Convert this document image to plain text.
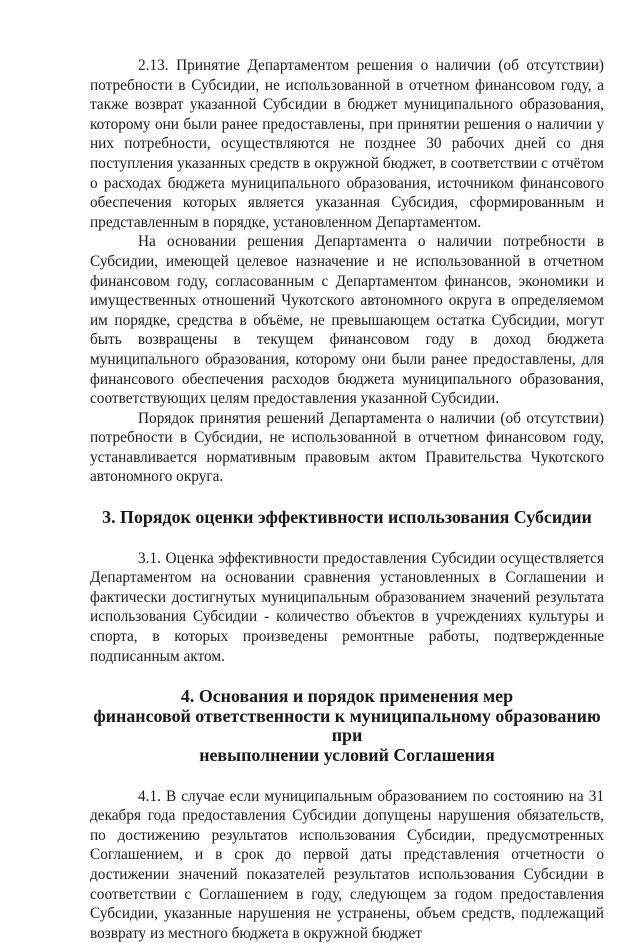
2.13. Принятие Департаментом решения о наличии (об отсутствии) потребности в Субсидии, не использованной в отчетном финансовом году, а также возврат указанной Субсидии в бюджет муниципального образования, которому они были ранее предоставлены, при принятии решения о наличии у них потребности, осуществляются не позднее 30 рабочих дней со дня поступления указанных средств в окружной бюджет, в соответствии с отчётом о расходах бюджета муниципального образования, источником финансового обеспечения которых является указанная Субсидия, сформированным и представленным в порядке, установленном Департаментом.

На основании решения Департамента о наличии потребности в Субсидии, имеющей целевое назначение и не использованной в отчетном финансовом году, согласованным с Департаментом финансов, экономики и имущественных отношений Чукотского автономного округа в определяемом им порядке, средства в объёме, не превышающем остатка Субсидии, могут быть возвращены в текущем финансовом году в доход бюджета муниципального образования, которому они были ранее предоставлены, для финансового обеспечения расходов бюджета муниципального образования, соответствующих целям предоставления указанной Субсидии.

Порядок принятия решений Департамента о наличии (об отсутствии) потребности в Субсидии, не использованной в отчетном финансовом году, устанавливается нормативным правовым актом Правительства Чукотского автономного округа.

3. Порядок оценки эффективности использования Субсидии

3.1. Оценка эффективности предоставления Субсидии осуществляется Департаментом на основании сравнения установленных в Соглашении и фактически достигнутых муниципальным образованием значений результата использования Субсидии - количество объектов в учреждениях культуры и спорта, в которых произведены ремонтные работы, подтвержденные подписанным актом.

4. Основания и порядок применения мер
финансовой ответственности к муниципальному образованию при
невыполнении условий Соглашения

4.1. В случае если муниципальным образованием по состоянию на 31 декабря года предоставления Субсидии допущены нарушения обязательств, по достижению результатов использования Субсидии, предусмотренных Соглашением, и в срок до первой даты представления отчетности о достижении значений показателей результатов использования Субсидии в соответствии с Соглашением в году, следующем за годом предоставления Субсидии, указанные нарушения не устранены, объем средств, подлежащий возврату из местного бюджета в окружной бюджет
